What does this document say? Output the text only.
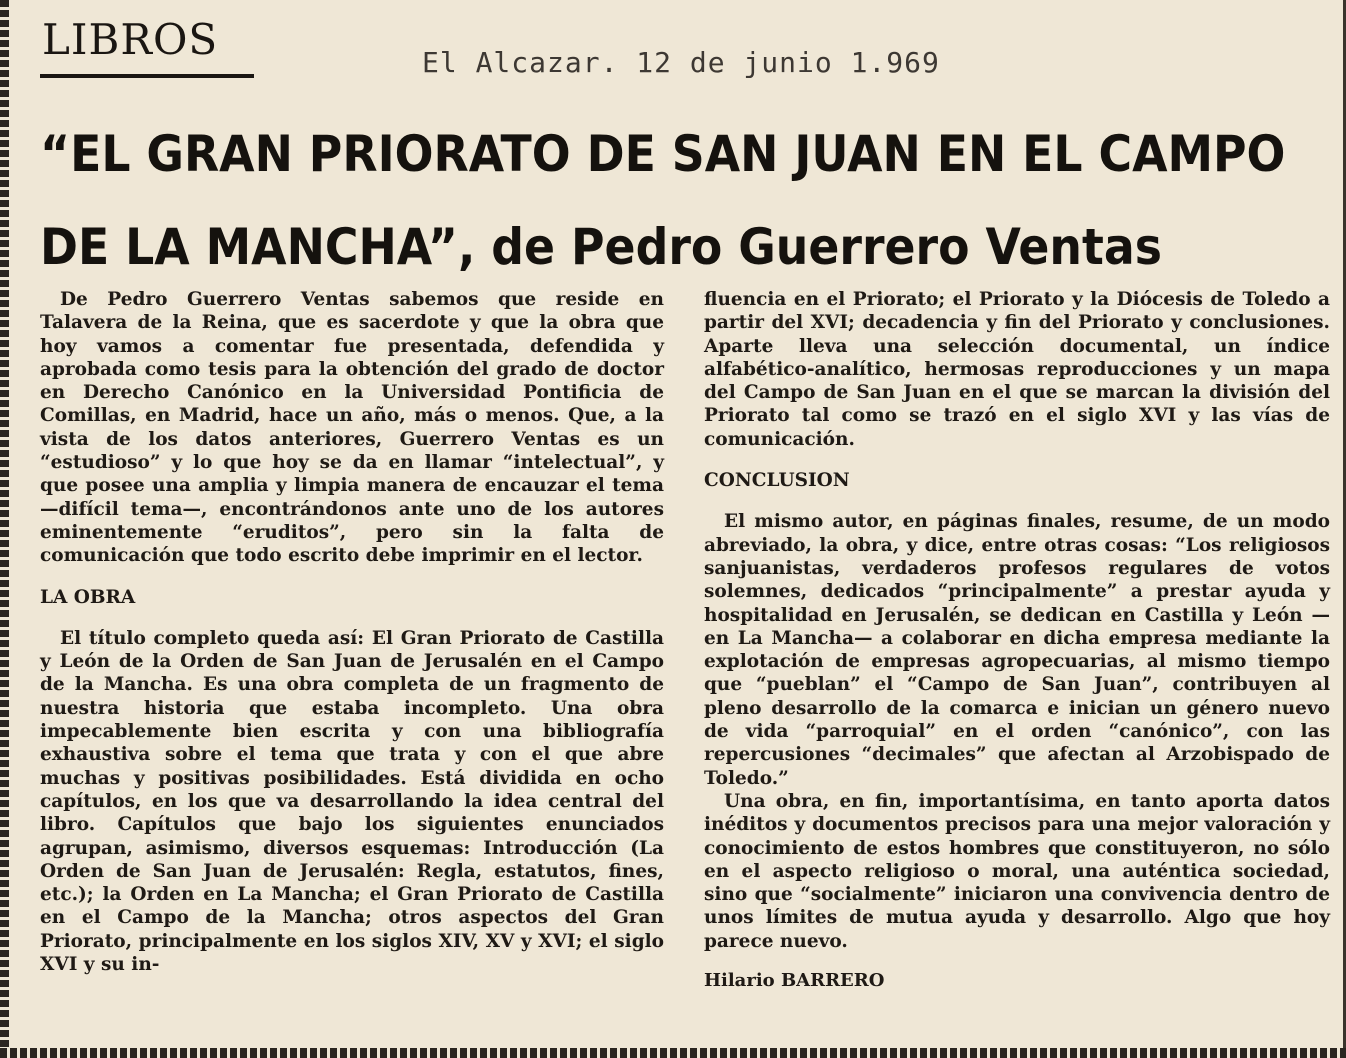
LIBROS	El Alcazar. 12 de junio 1.969
“EL GRAN PRIORATO DE SAN JUAN EN EL CAMPO
DE LA MANCHA”, de Pedro Guerrero Ventas

De Pedro Guerrero Ventas sabemos que reside en Talavera de la Reina, que es sacerdote y que la obra que hoy vamos a comentar fue presentada, defendida y aprobada como tesis para la obtención del grado de doctor en Derecho Canónico en la Universidad Pontificia de Comillas, en Madrid, hace un año, más o menos. Que, a la vista de los datos anteriores, Guerrero Ventas es un “estudioso” y lo que hoy se da en llamar “intelectual”, y que posee una amplia y limpia manera de encauzar el tema —difícil tema—, encontrándonos ante uno de los autores eminentemente “eruditos”, pero sin la falta de comunicación que todo escrito debe imprimir en el lector.

LA OBRA

El título completo queda así: El Gran Priorato de Castilla y León de la Orden de San Juan de Jerusalén en el Campo de la Mancha. Es una obra completa de un fragmento de nuestra historia que estaba incompleto. Una obra impecablemente bien escrita y con una bibliografía exhaustiva sobre el tema que trata y con el que abre muchas y positivas posibilidades. Está dividida en ocho capítulos, en los que va desarrollando la idea central del libro. Capítulos que bajo los siguientes enunciados agrupan, asimismo, diversos esquemas: Introducción (La Orden de San Juan de Jerusalén: Regla, estatutos, fines, etc.); la Orden en La Mancha; el Gran Priorato de Castilla en el Campo de la Mancha; otros aspectos del Gran Priorato, principalmente en los siglos XIV, XV y XVI; el siglo XVI y su in-

fluencia en el Priorato; el Priorato y la Diócesis de Toledo a partir del XVI; decadencia y fin del Priorato y conclusiones. Aparte lleva una selección documental, un índice alfabético-analítico, hermosas reproducciones y un mapa del Campo de San Juan en el que se marcan la división del Priorato tal como se trazó en el siglo XVI y las vías de comunicación.

CONCLUSION

El mismo autor, en páginas finales, resume, de un modo abreviado, la obra, y dice, entre otras cosas: “Los religiosos sanjuanistas, verdaderos profesos regulares de votos solemnes, dedicados “principalmente” a prestar ayuda y hospitalidad en Jerusalén, se dedican en Castilla y León —en La Mancha— a colaborar en dicha empresa mediante la explotación de empresas agropecuarias, al mismo tiempo que “pueblan” el “Campo de San Juan”, contribuyen al pleno desarrollo de la comarca e inician un género nuevo de vida “parroquial” en el orden “canónico”, con las repercusiones “decimales” que afectan al Arzobispado de Toledo.”

Una obra, en fin, importantísima, en tanto aporta datos inéditos y documentos precisos para una mejor valoración y conocimiento de estos hombres que constituyeron, no sólo en el aspecto religioso o moral, una auténtica sociedad, sino que “socialmente” iniciaron una convivencia dentro de unos límites de mutua ayuda y desarrollo. Algo que hoy parece nuevo.

Hilario BARRERO
